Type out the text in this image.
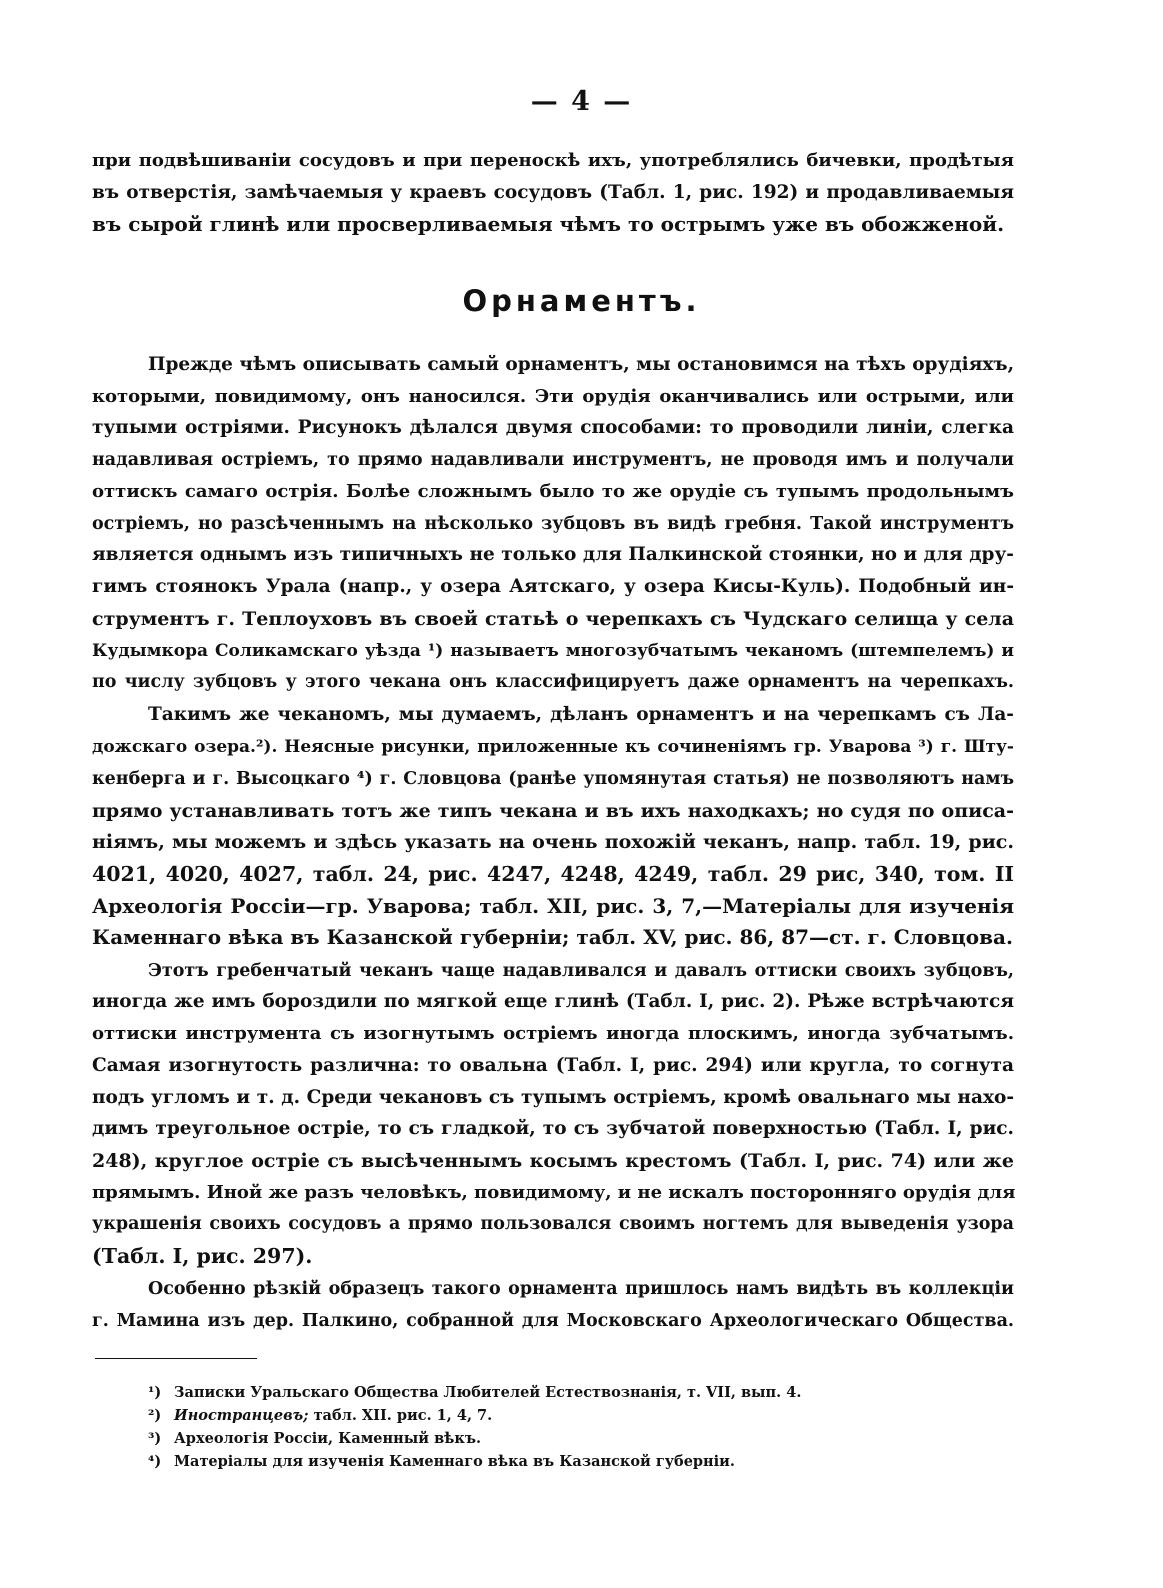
— 4 —
при подвѣшиванiи сосудовъ и при переноскѣ ихъ, употреблялись бичевки, продѣтыя
въ отверстiя, замѣчаемыя у краевъ сосудовъ (Табл. 1, рис. 192) и продавливаемыя
въ сырой глинѣ или просверливаемыя чѣмъ то острымъ уже въ обожженой.
Орнаментъ.
Прежде чѣмъ описывать самый орнаментъ, мы остановимся на тѣхъ орудiяхъ,
которыми, повидимому, онъ наносился. Эти орудiя оканчивались или острыми, или
тупыми остріями. Рисунокъ дѣлался двумя способами: то проводили линiи, слегка
надавливая остріемъ, то прямо надавливали инструментъ, не проводя имъ и получали
оттискъ самаго острiя. Болѣе сложнымъ было то же орудiе съ тупымъ продольнымъ
остріемъ, но разсѣченнымъ на нѣсколько зубцовъ въ видѣ гребня. Такой инструментъ
является однымъ изъ типичныхъ не только для Палкинской стоянки, но и для дру-
гимъ стоянокъ Урала (напр., у озера Аятскаго, у озера Кисы-Куль). Подобный ин-
струментъ г. Теплоуховъ въ своей статьѣ о черепкахъ съ Чудскаго селища у села
Кудымкора Соликамскаго уѣзда ¹) называетъ многозубчатымъ чеканомъ (штемпелемъ) и
по числу зубцовъ у этого чекана онъ классифицируетъ даже орнаментъ на черепкахъ.
Такимъ же чеканомъ, мы думаемъ, дѣланъ орнаментъ и на черепкамъ съ Ла-
дожскаго озера.²). Неясные рисунки, приложенные къ сочиненiямъ гр. Уварова ³) г. Шту-
кенберга и г. Высоцкаго ⁴) г. Словцова (ранѣе упомянутая статья) не позволяютъ намъ
прямо устанавливать тотъ же типъ чекана и въ ихъ находкахъ; но судя по описа-
нiямъ, мы можемъ и здѣсь указать на очень похожiй чеканъ, напр. табл. 19, рис.
4021, 4020, 4027, табл. 24, рис. 4247, 4248, 4249, табл. 29 рис, 340, том. II
Археологiя Россiи—гр. Уварова; табл. XII, рис. 3, 7,—Матерiалы для изученiя
Каменнаго вѣка въ Казанской губернiи; табл. XV, рис. 86, 87—ст. г. Словцова.
Этотъ гребенчатый чеканъ чаще надавливался и давалъ оттиски своихъ зубцовъ,
иногда же имъ бороздили по мягкой еще глинѣ (Табл. I, рис. 2). Рѣже встрѣчаются
оттиски инструмента съ изогнутымъ остріемъ иногда плоскимъ, иногда зубчатымъ.
Самая изогнутость различна: то овальна (Табл. I, рис. 294) или кругла, то согнута
подъ угломъ и т. д. Среди чекановъ съ тупымъ остріемъ, кромѣ овальнаго мы нахо-
димъ треугольное острiе, то съ гладкой, то съ зубчатой поверхностью (Табл. I, рис.
248), круглое острiе съ высѣченнымъ косымъ крестомъ (Табл. I, рис. 74) или же
прямымъ. Иной же разъ человѣкъ, повидимому, и не искалъ посторонняго орудiя для
украшенiя своихъ сосудовъ а прямо пользовался своимъ ногтемъ для выведенiя узора
(Табл. I, рис. 297).
Особенно рѣзкiй образецъ такого орнамента пришлось намъ видѣть въ коллекцiи
г. Мамина изъ дер. Палкино, собранной для Московскаго Археологическаго Общества.
¹) Записки Уральскаго Общества Любителей Естествознанія, т. VII, вып. 4.
²) Иностранцевъ; табл. XII. рис. 1, 4, 7.
³) Археологія Россіи, Каменный вѣкъ.
⁴) Матеріалы для изученія Каменнаго вѣка въ Казанской губерніи.
